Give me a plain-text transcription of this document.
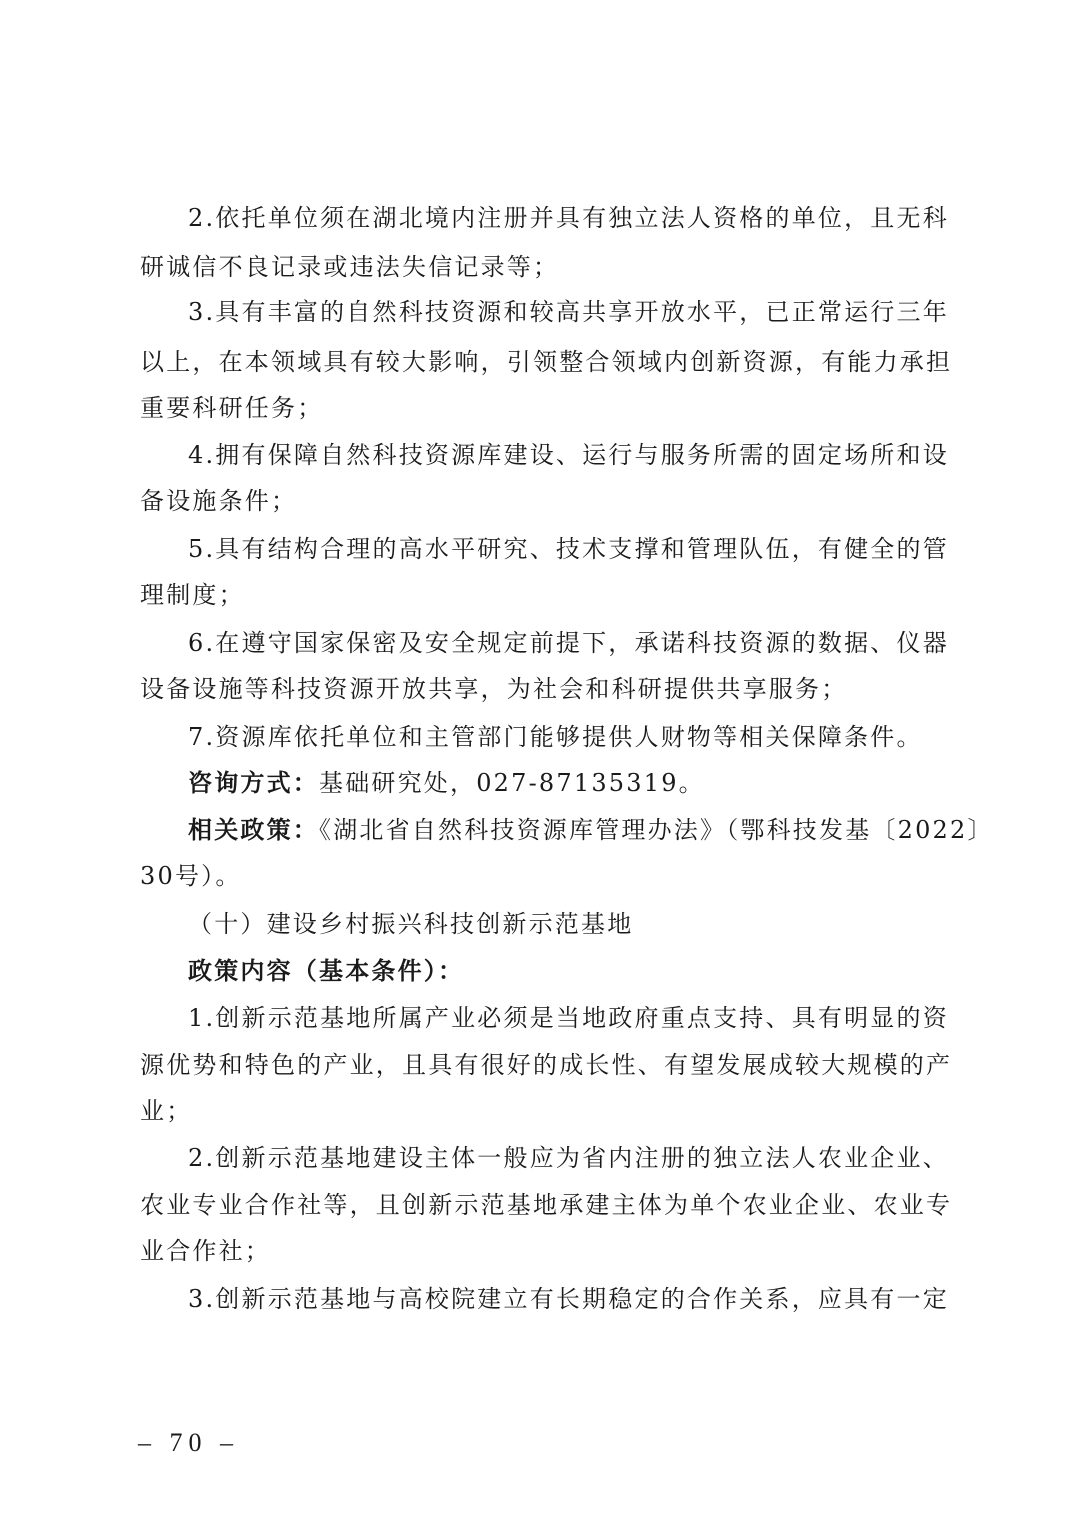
2.依托单位须在湖北境内注册并具有独立法人资格的单位，且无科
研诚信不良记录或违法失信记录等；
3.具有丰富的自然科技资源和较高共享开放水平，已正常运行三年
以上，在本领域具有较大影响，引领整合领域内创新资源，有能力承担
重要科研任务；
4.拥有保障自然科技资源库建设、运行与服务所需的固定场所和设
备设施条件；
5.具有结构合理的高水平研究、技术支撑和管理队伍，有健全的管
理制度；
6.在遵守国家保密及安全规定前提下，承诺科技资源的数据、仪器
设备设施等科技资源开放共享，为社会和科研提供共享服务；
7.资源库依托单位和主管部门能够提供人财物等相关保障条件。
咨询方式：基础研究处，027-87135319。
相关政策：《湖北省自然科技资源库管理办法》（鄂科技发基〔2022〕
30号）。
（十）建设乡村振兴科技创新示范基地
政策内容（基本条件）：
1.创新示范基地所属产业必须是当地政府重点支持、具有明显的资
源优势和特色的产业，且具有很好的成长性、有望发展成较大规模的产
业；
2.创新示范基地建设主体一般应为省内注册的独立法人农业企业、
农业专业合作社等，且创新示范基地承建主体为单个农业企业、农业专
业合作社；
3.创新示范基地与高校院建立有长期稳定的合作关系，应具有一定
– 70 –
